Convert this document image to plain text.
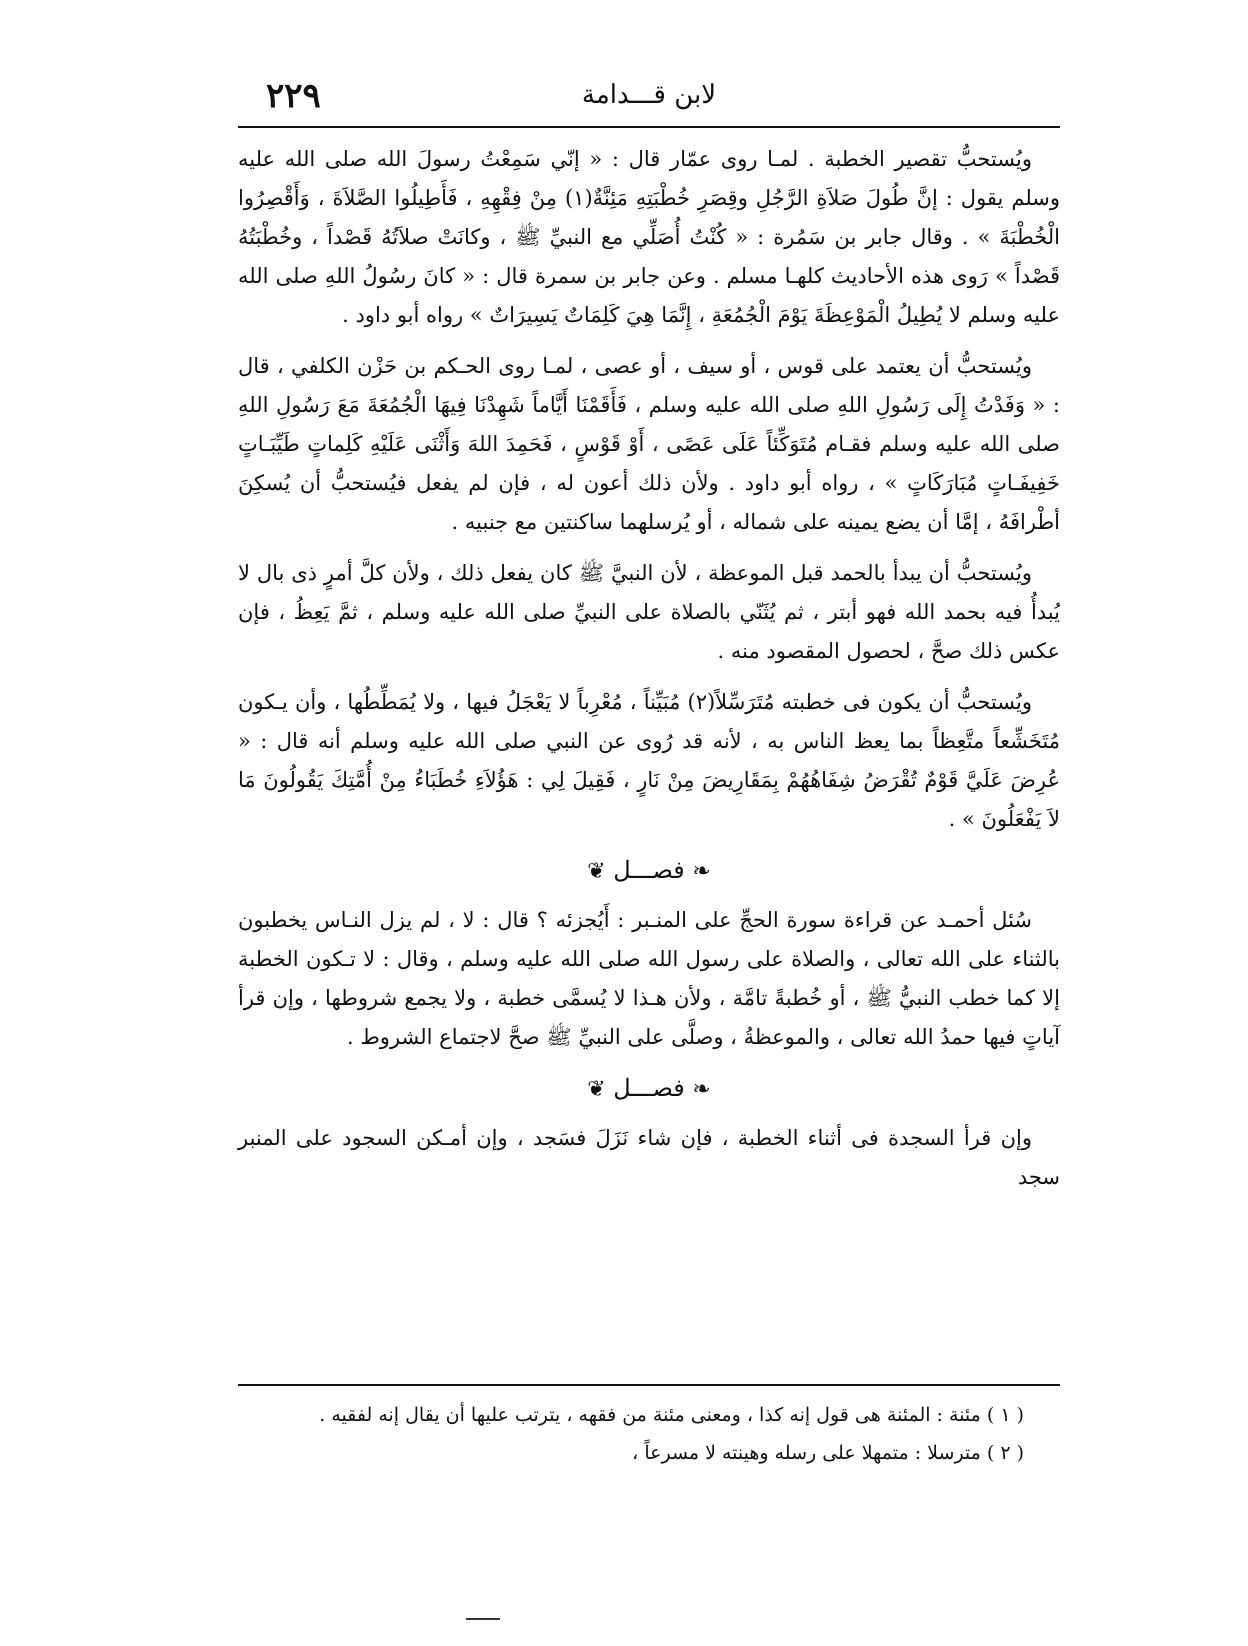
٢٢٩	لابن قـــدامة

ويُستحبُّ تقصير الخطبة . لمـا روى عمّار قال : « إنّي سَمِعْتُ رسولَ الله صلى الله عليه وسلم يقول : إنَّ طُولَ صَلاَةِ الرَّجُلِ وقِصَرِ خُطْبَتِهِ مَئِنَّةٌ(١) مِنْ فِقْهِهِ ، فَأَطِيلُوا الصَّلاَةَ ، وَأَقْصِرُوا الْخُطْبَةَ » . وقال جابر بن سَمُرة : « كُنْتُ أُصَلِّي مع النبيِّ ﷺ ، وكانَتْ صلاَتُهُ قَصْداً ، وخُطْبَتُهُ قَصْداً » رَوى هذه الأحاديث كلهـا مسلم . وعن جابر بن سمرة قال : « كانَ رسُولُ اللهِ صلى الله عليه وسلم لا يُطِيلُ الْمَوْعِظَةَ يَوْمَ الْجُمُعَةِ ، إِنَّمَا هِيَ كَلِمَاتٌ يَسِيرَاتٌ » رواه أبو داود .

ويُستحبُّ أن يعتمد على قوس ، أو سيف ، أو عصى ، لمـا روى الحـكم بن حَزْن الكلفي ، قال : « وَفَدْتُ إِلَى رَسُولِ اللهِ صلى الله عليه وسلم ، فَأَقَمْنَا أَيَّاماً شَهِدْنَا فِيهَا الْجُمُعَةَ مَعَ رَسُولِ اللهِ صلى الله عليه وسلم فقـام مُتَوَكِّئاً عَلَى عَصًى ، أَوْ قَوْسٍ ، فَحَمِدَ اللهَ وَأَثْنَى عَلَيْهِ كَلِماتٍ طَيِّبَـاتٍ خَفِيفَـاتٍ مُبَارَكَاتٍ » ، رواه أبو داود . ولأن ذلك أعون له ، فإن لم يفعل فيُستحبُّ أن يُسكِنَ أطْرافَهُ ، إمَّا أن يضع يمينه على شماله ، أو يُرسلهما ساكنتين مع جنبيه .

ويُستحبُّ أن يبدأ بالحمد قبل الموعظة ، لأن النبيَّ ﷺ كان يفعل ذلك ، ولأن كلَّ أمرٍ ذى بال لا يُبدأُ فيه بحمد الله فهو أبتر ، ثم يُثَنّي بالصلاة على النبيِّ صلى الله عليه وسلم ، ثمَّ يَعِظُ ، فإن عكس ذلك صحَّ ، لحصول المقصود منه .

ويُستحبُّ أن يكون فى خطبته مُتَرَسِّلاً(٢) مُبَيِّناً ، مُعْرِباً لا يَعْجَلُ فيها ، ولا يُمَطِّطُها ، وأن يـكون مُتَخَشِّعاً متَّعِظاً بما يعظ الناس به ، لأنه قد رُوى عن النبي صلى الله عليه وسلم أنه قال : « عُرِضَ عَلَيَّ قَوْمٌ تُقْرَضُ شِفَاهُهُمْ بِمَقَارِيضَ مِنْ نَارٍ ، فَقِيلَ لِي : هَؤُلاَءِ خُطَبَاءُ مِنْ أُمَّتِكَ يَقُولُونَ مَا لاَ يَفْعَلُونَ » .

❧ فصـــل ❦

سُئل أحمـد عن قراءة سورة الحجِّ على المنـبر : أَيُجزئه ؟ قال : لا ، لم يزل النـاس يخطبون بالثناء على الله تعالى ، والصلاة على رسول الله صلى الله عليه وسلم ، وقال : لا تـكون الخطبة إلا كما خطب النبيُّ ﷺ ، أو خُطبةً تامَّة ، ولأن هـذا لا يُسمَّى خطبة ، ولا يجمع شروطها ، وإن قرأ آياتٍ فيها حمدُ الله تعالى ، والموعظةُ ، وصلَّى على النبيِّ ﷺ صحَّ لاجتماع الشروط .

❧ فصـــل ❦

وإن قرأ السجدة فى أثناء الخطبة ، فإن شاء نَزَلَ فسَجد ، وإن أمـكن السجود على المنبر سجد

( ١ ) مئنة : المئنة هى قول إنه كذا ، ومعنى مئنة من فقهه ، يترتب عليها أن يقال إنه لفقيه .

( ٢ ) مترسلا : متمهلا على رسله وهينته لا مسرعاً ،
